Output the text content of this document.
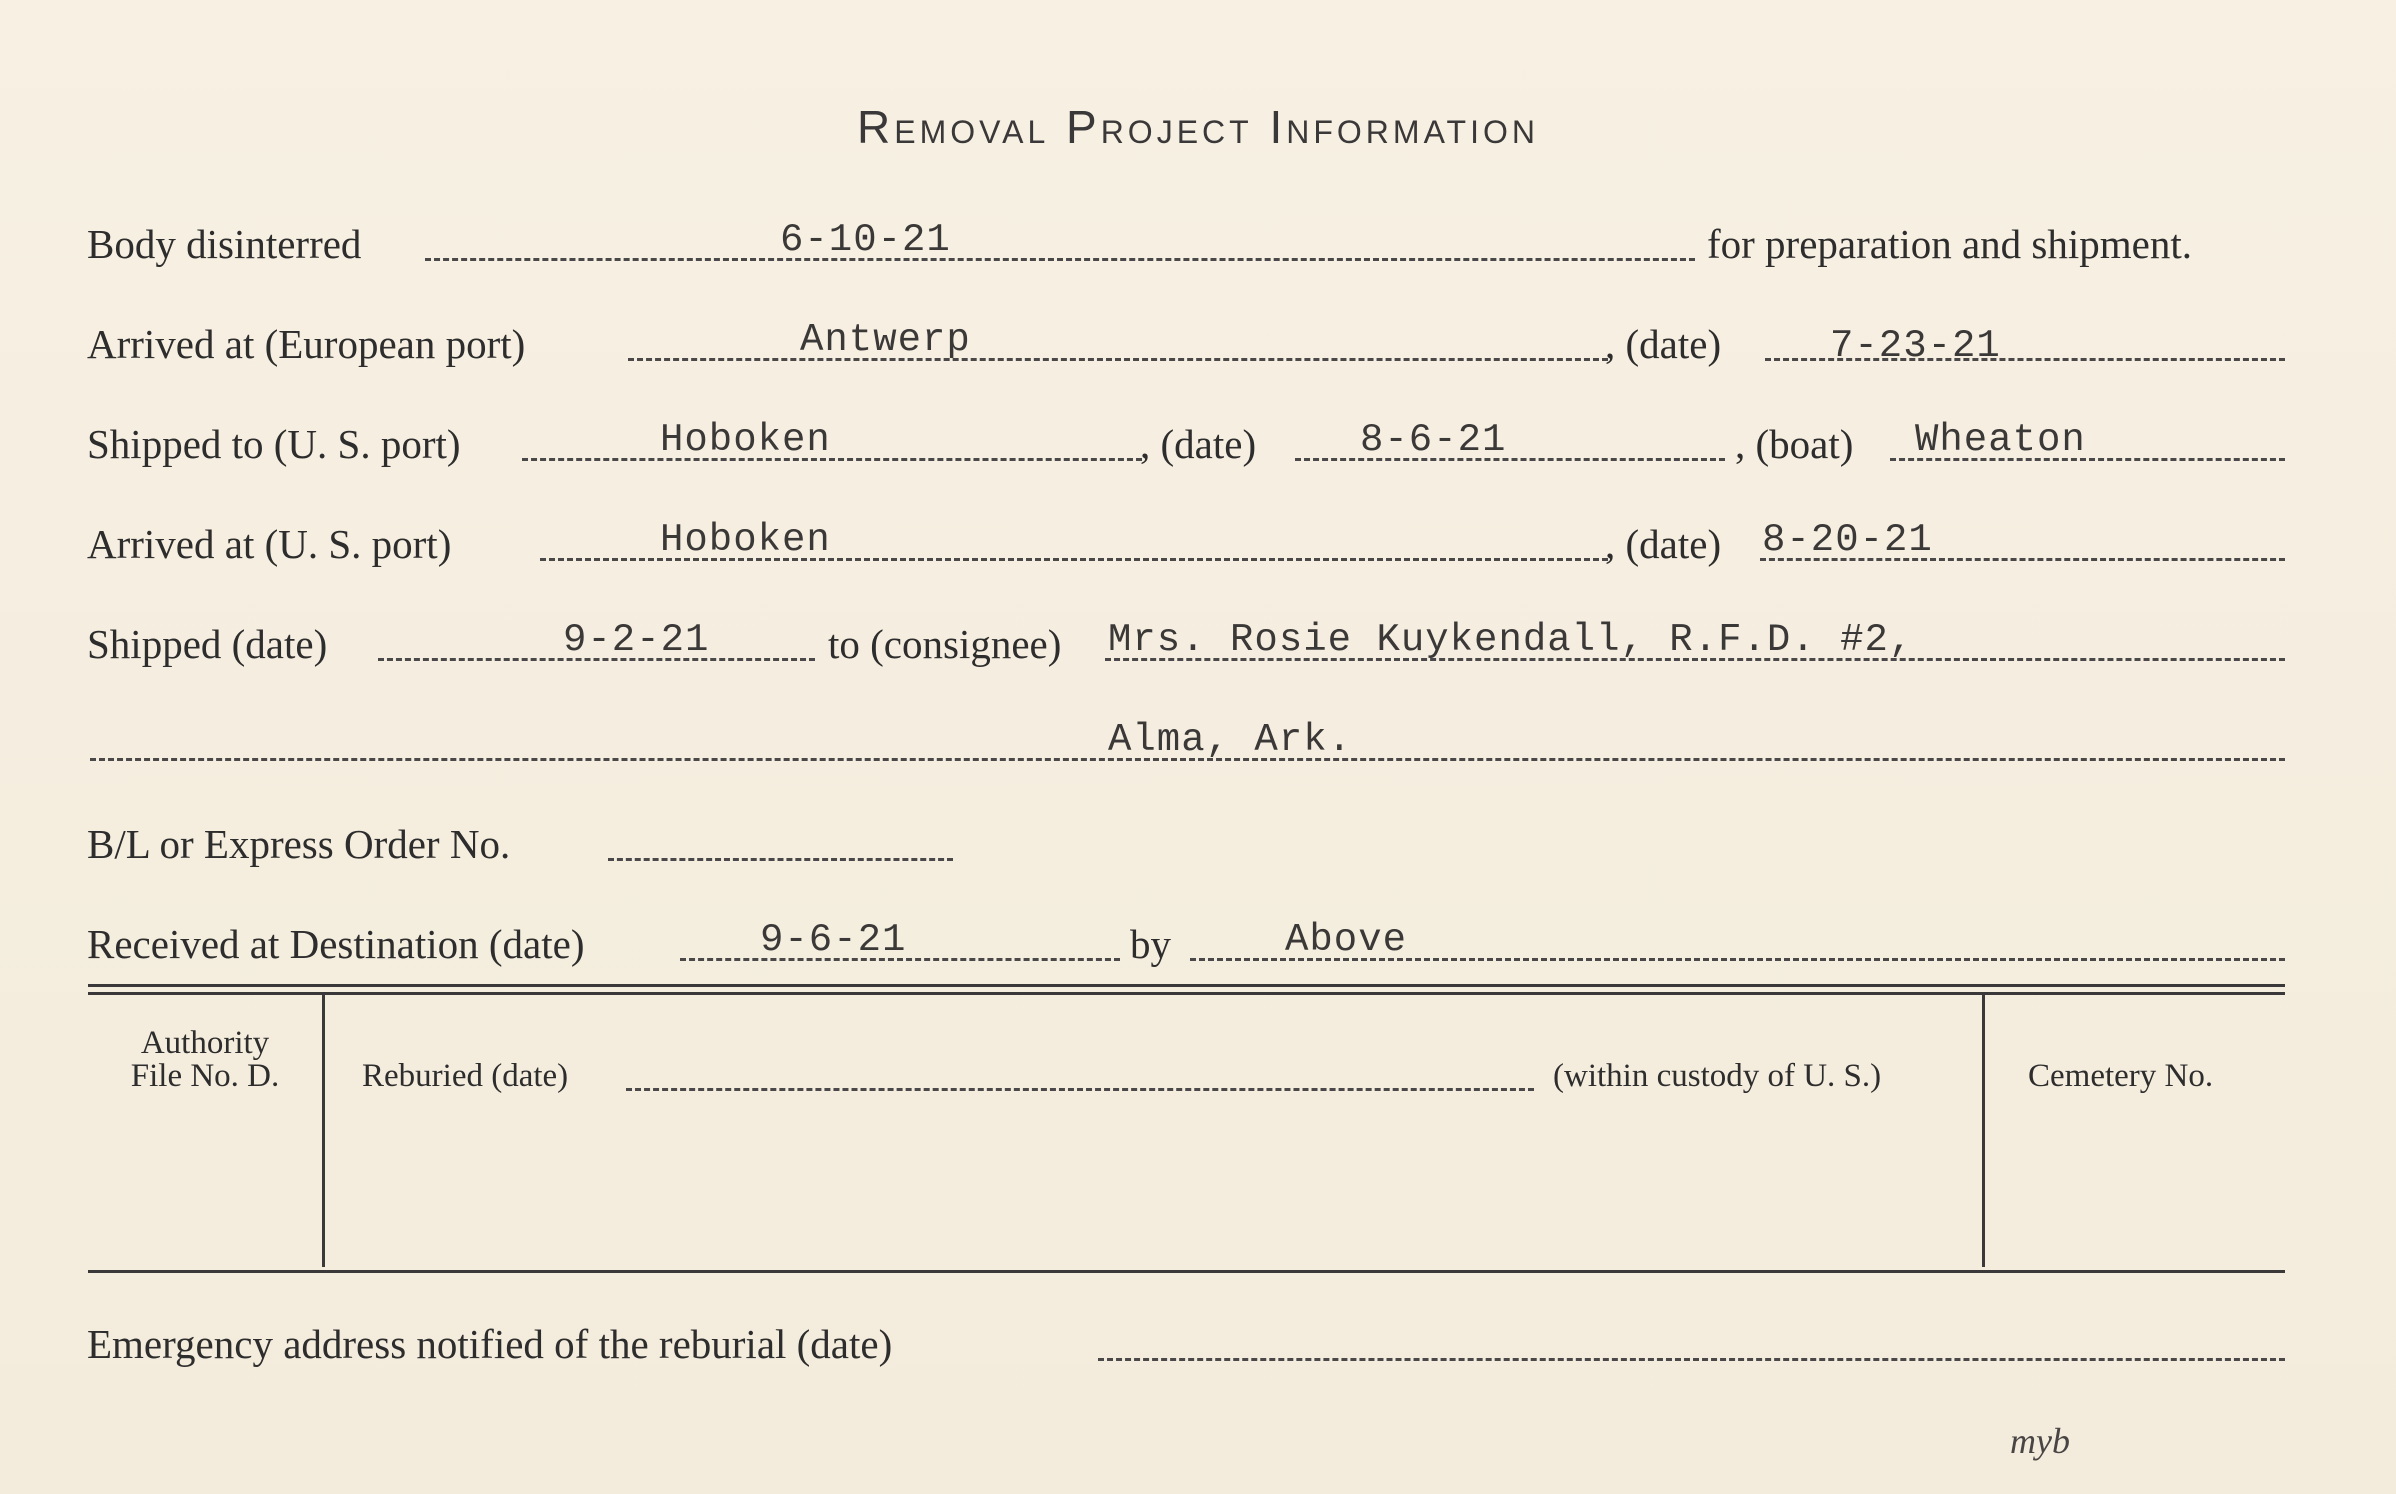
Removal Project Information
Body disinterred	6-10-21	for preparation and shipment.
Arrived at (European port)	Antwerp	, (date)	7-23-21
Shipped to (U. S. port)	Hoboken	, (date)	8-6-21	, (boat) Wheaton
Arrived at (U. S. port)	Hoboken	, (date) 8-20-21
Shipped (date)	9-2-21	to (consignee) Mrs. Rosie Kuykendall, R.F.D. #2,
Alma, Ark.
B/L or Express Order No.
Received at Destination (date)	9-6-21	by	Above
Authority
File No. D.	Reburied (date)	(within custody of U. S.)	Cemetery No.
Emergency address notified of the reburial (date)
myb
